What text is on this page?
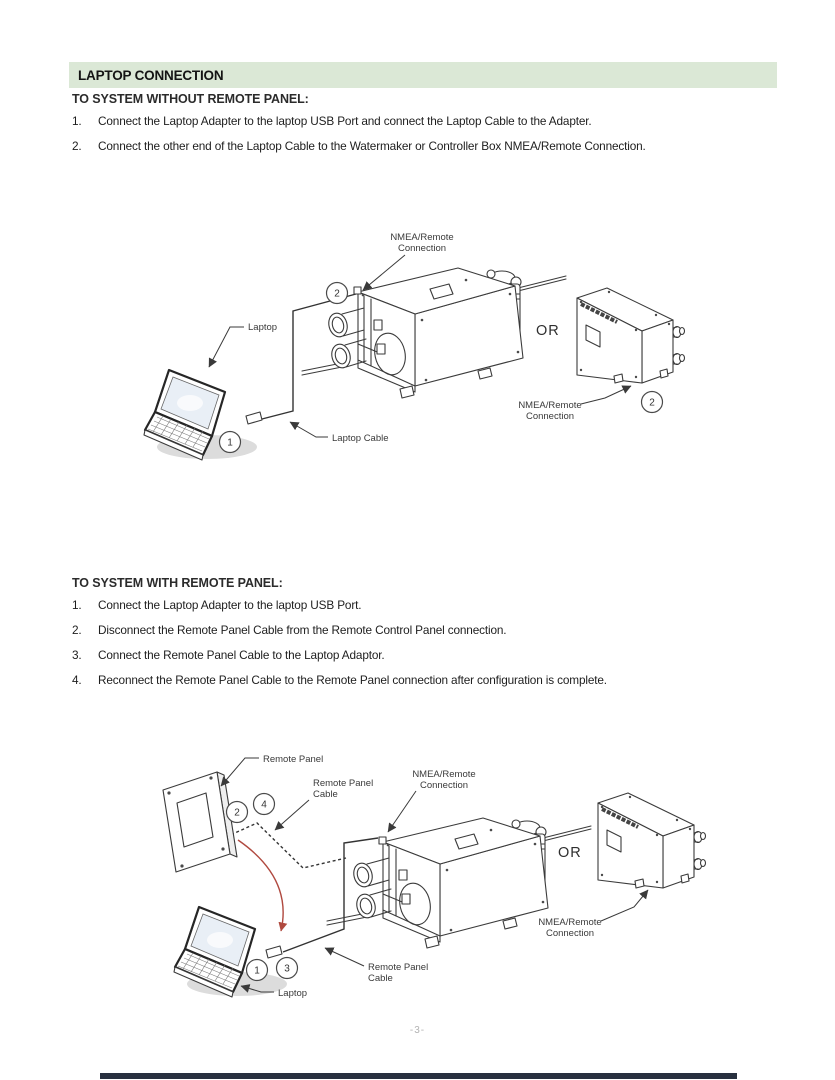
LAPTOP CONNECTION
TO SYSTEM WITHOUT REMOTE PANEL:
1.	Connect the Laptop Adapter to the laptop USB Port and connect the Laptop Cable to the Adapter.
2.	Connect the other end of the Laptop Cable to the Watermaker or Controller Box NMEA/Remote Connection.
NMEA/Remote
Connection
2
Laptop
1	Laptop Cable
OR
NMEA/Remote
Connection
2
TO SYSTEM WITH REMOTE PANEL:
1.	Connect the Laptop Adapter to the laptop USB Port.
2.	Disconnect the Remote Panel Cable from the Remote Control Panel connection.
3.	Connect the Remote Panel Cable to the Laptop Adaptor.
4.	Reconnect the Remote Panel Cable to the Remote Panel connection after configuration is complete.
Remote Panel
2
4
Remote Panel
Cable
NMEA/Remote
Connection
1 3	Remote Panel
Cable
Laptop
OR
NMEA/Remote
Connection
-3-
